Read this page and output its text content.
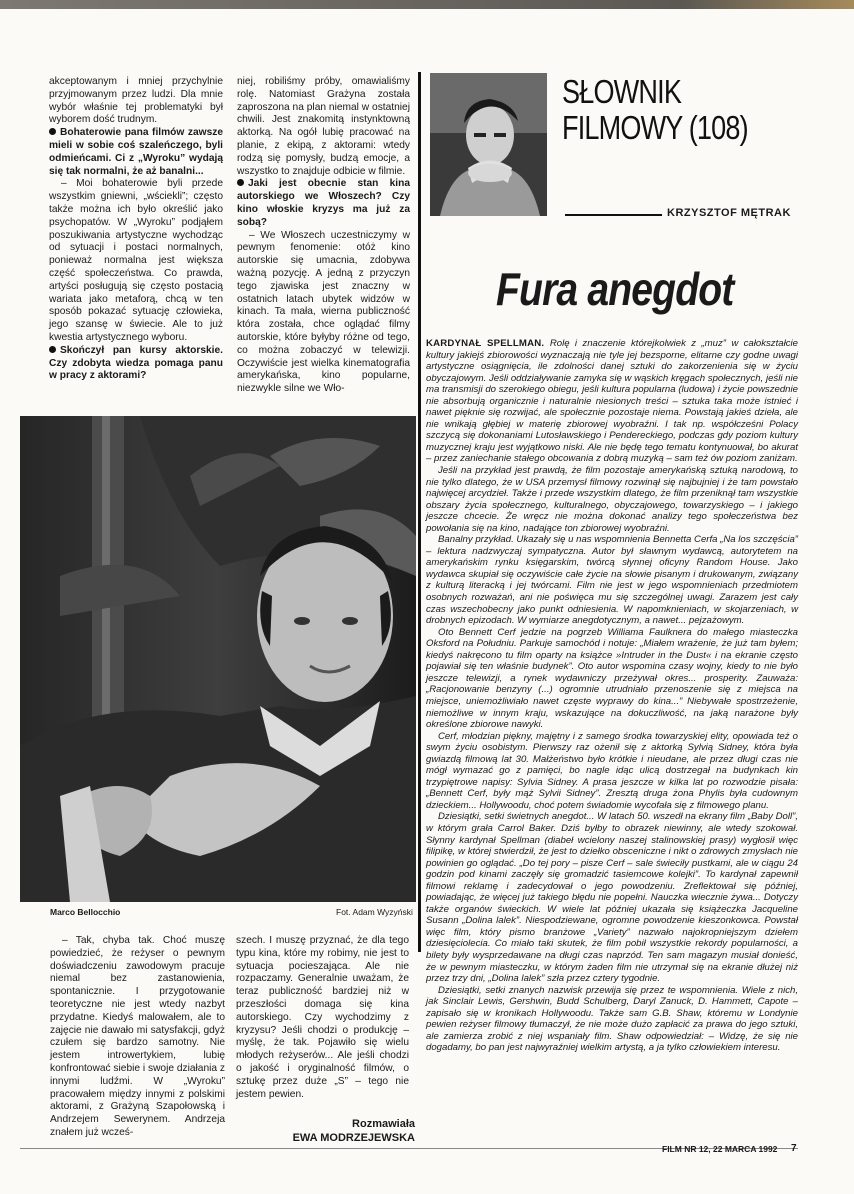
akceptowanym i mniej przychylnie przyjmowanym przez ludzi. Dla mnie wybór właśnie tej problematyki był wyborem dość trudnym.

Bohaterowie pana filmów zawsze mieli w sobie coś szaleńczego, byli odmieńcami. Ci z „Wyroku” wydają się tak normalni, że aż banalni...

– Moi bohaterowie byli przede wszystkim gniewni, „wściekli”; często także można ich było określić jako psychopatów. W „Wyroku” podjąłem poszukiwania artystyczne wychodząc od sytuacji i postaci normalnych, ponieważ normalna jest większa część społeczeństwa. Co prawda, artyści posługują się często postacią wariata jako metaforą, chcą w ten sposób pokazać sytuację człowieka, jego szansę w świecie. Ale to już kwestia artystycznego wyboru.

Skończył pan kursy aktorskie. Czy zdobyta wiedza pomaga panu w pracy z aktorami?

niej, robiliśmy próby, omawialiśmy rolę. Natomiast Grażyna została zaproszona na plan niemal w ostatniej chwili. Jest znakomitą instynktowną aktorką. Na ogół lubię pracować na planie, z ekipą, z aktorami: wtedy rodzą się pomysły, budzą emocje, a wszystko to znajduje odbicie w filmie.

Jaki jest obecnie stan kina autorskiego we Włoszech? Czy kino włoskie kryzys ma już za sobą?

– We Włoszech uczestniczymy w pewnym fenomenie: otóż kino autorskie się umacnia, zdobywa ważną pozycję. A jedną z przyczyn tego zjawiska jest znaczny w ostatnich latach ubytek widzów w kinach. Ta mała, wierna publiczność która została, chce oglądać filmy autorskie, które byłyby różne od tego, co można zobaczyć w telewizji. Oczywiście jest wielka kinematografia amerykańska, kino popularne, niezwykle silne we Wło-

SŁOWNIK
FILMOWY (108)
KRZYSZTOF MĘTRAK
Fura anegdot

KARDYNAŁ SPELLMAN. Rolę i znaczenie którejkolwiek z „muz” w całokształcie kultury jakiejś zbiorowości wyznaczają nie tyle jej bezsporne, elitarne czy godne uwagi artystyczne osiągnięcia, ile zdolności danej sztuki do zakorzenienia się w życiu obyczajowym. Jeśli oddziaływanie zamyka się w wąskich kręgach społecznych, jeśli nie ma transmisji do szerokiego obiegu, jeśli kultura popularna (ludowa) i życie powszednie nie absorbują organicznie i naturalnie niesionych treści – sztuka taka może istnieć i nawet pięknie się rozwijać, ale społecznie pozostaje niema. Powstają jakieś dzieła, ale nie wnikają głębiej w materię zbiorowej wyobraźni. I tak np. współcześni Polacy szczycą się dokonaniami Lutosławskiego i Pendereckiego, podczas gdy poziom kultury muzycznej kraju jest wyjątkowo niski. Ale nie będę tego tematu kontynuował, bo akurat – przez zaniechanie stałego obcowania z dobrą muzyką – sam też ów poziom zaniżam.

Jeśli na przykład jest prawdą, że film pozostaje amerykańską sztuką narodową, to nie tylko dlatego, że w USA przemysł filmowy rozwinął się najbujniej i że tam powstało najwięcej arcydzieł. Także i przede wszystkim dlatego, że film przeniknął tam wszystkie obszary życia społecznego, kulturalnego, obyczajowego, towarzyskiego – i jakiego jeszcze chcecie. Że wręcz nie można dokonać analizy tego społeczeństwa bez powołania się na kino, nadające ton zbiorowej wyobraźni.

Banalny przykład. Ukazały się u nas wspomnienia Bennetta Cerfa „Na los szczęścia” – lektura nadzwyczaj sympatyczna. Autor był sławnym wydawcą, autorytetem na amerykańskim rynku księgarskim, twórcą słynnej oficyny Random House. Jako wydawca skupiał się oczywiście całe życie na słowie pisanym i drukowanym, związany z kulturą literacką i jej twórcami. Film nie jest w jego wspomnieniach przedmiotem osobnych rozważań, ani nie poświęca mu się szczególnej uwagi. Zarazem jest cały czas wszechobecny jako punkt odniesienia. W napomknieniach, w skojarzeniach, w drobnych epizodach. W wymiarze anegdotycznym, a nawet... pejzażowym.

Oto Bennett Cerf jedzie na pogrzeb Williama Faulknera do małego miasteczka Oksford na Południu. Parkuje samochód i notuje: „Miałem wrażenie, że już tam byłem; kiedyś nakręcono tu film oparty na książce »Intruder in the Dust« i na ekranie często pojawiał się ten właśnie budynek”. Oto autor wspomina czasy wojny, kiedy to nie było jeszcze telewizji, a rynek wydawniczy przeżywał okres... prosperity. Zauważa: „Racjonowanie benzyny (...) ogromnie utrudniało przenoszenie się z miejsca na miejsce, uniemożliwiało nawet częste wyprawy do kina...” Niebywałe spostrzeżenie, niemożliwe w innym kraju, wskazujące na dokuczliwość, na jaką narażone były określone zbiorowe nawyki.

Cerf, młodzian piękny, majętny i z samego środka towarzyskiej elity, opowiada też o swym życiu osobistym. Pierwszy raz ożenił się z aktorką Sylvią Sidney, która była gwiazdą filmową lat 30. Małżeństwo było krótkie i nieudane, ale przez długi czas nie mógł wymazać go z pamięci, bo nagle idąc ulicą dostrzegał na budynkach kin trzypiętrowe napisy: Sylvia Sidney. A prasa jeszcze w kilka lat po rozwodzie pisała: „Bennett Cerf, były mąż Sylvii Sidney”. Zresztą druga żona Phylis była cudownym dzieckiem... Hollywoodu, choć potem świadomie wycofała się z filmowego planu.

Dziesiątki, setki świetnych anegdot... W latach 50. wszedł na ekrany film „Baby Doll”, w którym grała Carrol Baker. Dziś byłby to obrazek niewinny, ale wtedy szokował. Słynny kardynał Spellman (diabeł wcielony naszej stalinowskiej prasy) wygłosił więc filipikę, w której stwierdził, że jest to dziełko obsceniczne i nikt o zdrowych zmysłach nie powinien go oglądać. „Do tej pory – pisze Cerf – sale świeciły pustkami, ale w ciągu 24 godzin pod kinami zaczęły się gromadzić tasiemcowe kolejki”. To kardynał zapewnił filmowi reklamę i zadecydował o jego powodzeniu. Zreflektował się później, powiadając, że więcej już takiego błędu nie popełni. Nauczka wiecznie żywa... Dotyczy także organów świeckich. W wiele lat później ukazała się książeczka Jacqueline Susann „Dolina lalek”. Niespodziewane, ogromne powodzenie kieszonkowca. Powstał więc film, który pismo branżowe „Variety” nazwało najokropniejszym dziełem dziesięciolecia. Co miało taki skutek, że film pobił wszystkie rekordy popularności, a bilety były wysprzedawane na długi czas naprzód. Ten sam magazyn musiał donieść, że w pewnym miasteczku, w którym żaden film nie utrzymał się na ekranie dłużej niż przez trzy dni, „Dolina lalek” szła przez cztery tygodnie.

Dziesiątki, setki znanych nazwisk przewija się przez te wspomnienia. Wiele z nich, jak Sinclair Lewis, Gershwin, Budd Schulberg, Daryl Zanuck, D. Hammett, Capote – zapisało się w kronikach Hollywoodu. Także sam G.B. Shaw, któremu w Londynie pewien reżyser filmowy tłumaczył, że nie może dużo zapłacić za prawa do jego sztuki, ale zamierza zrobić z niej wspaniały film. Shaw odpowiedział: – Widzę, że się nie dogadamy, bo pan jest najwyraźniej wielkim artystą, a ja tylko człowiekiem interesu.

Marco Bellocchio	Fot. Adam Wyzyński

– Tak, chyba tak. Choć muszę powiedzieć, że reżyser o pewnym doświadczeniu zawodowym pracuje niemal bez zastanowienia, spontanicznie. I przygotowanie teoretyczne nie jest wtedy nazbyt przydatne. Kiedyś malowałem, ale to zajęcie nie dawało mi satysfakcji, gdyż czułem się bardzo samotny. Nie jestem introwertykiem, lubię konfrontować siebie i swoje działania z innymi ludźmi. W „Wyroku” pracowałem między innymi z polskimi aktorami, z Grażyną Szapołowską i Andrzejem Sewerynem. Andrzeja znałem już wcześ-

szech. I muszę przyznać, że dla tego typu kina, które my robimy, nie jest to sytuacja pocieszająca. Ale nie rozpaczamy. Generalnie uważam, że teraz publiczność bardziej niż w przeszłości domaga się kina autorskiego. Czy wychodzimy z kryzysu? Jeśli chodzi o produkcję – myślę, że tak. Pojawiło się wielu młodych reżyserów... Ale jeśli chodzi o jakość i oryginalność filmów, o sztukę przez duże „S” – tego nie jestem pewien.

Rozmawiała
EWA MODRZEJEWSKA
FILM NR 12, 22 MARCA 1992 7
